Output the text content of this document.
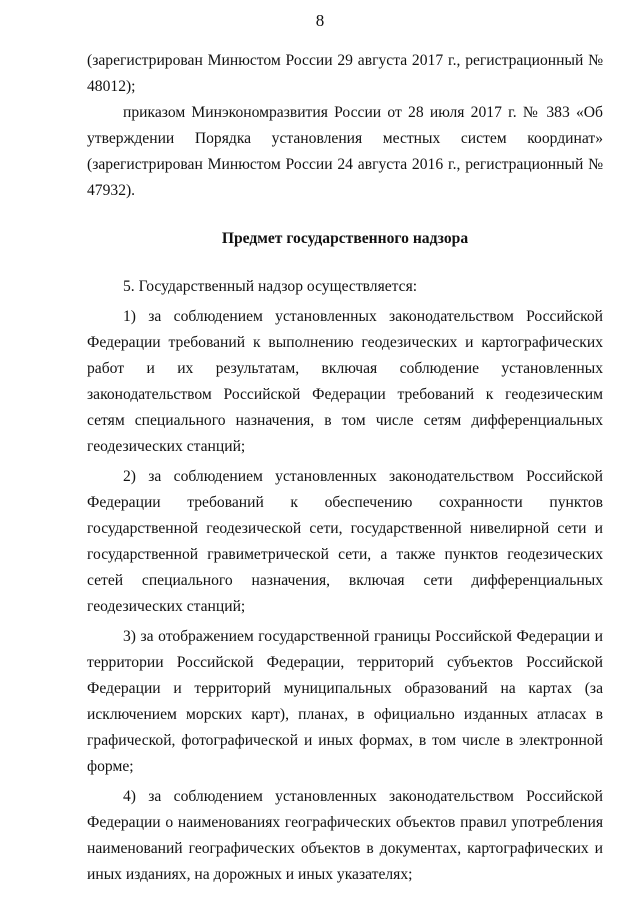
8

(зарегистрирован Минюстом России 29 августа 2017 г., регистрационный № 48012);

приказом Минэкономразвития России от 28 июля 2017 г. № 383 «Об утверждении Порядка установления местных систем координат» (зарегистрирован Минюстом России 24 августа 2016 г., регистрационный № 47932).

Предмет государственного надзора

5. Государственный надзор осуществляется:

1) за соблюдением установленных законодательством Российской Федерации требований к выполнению геодезических и картографических работ и их результатам, включая соблюдение установленных законодательством Российской Федерации требований к геодезическим сетям специального назначения, в том числе сетям дифференциальных геодезических станций;

2) за соблюдением установленных законодательством Российской Федерации требований к обеспечению сохранности пунктов государственной геодезической сети, государственной нивелирной сети и государственной гравиметрической сети, а также пунктов геодезических сетей специального назначения, включая сети дифференциальных геодезических станций;

3) за отображением государственной границы Российской Федерации и территории Российской Федерации, территорий субъектов Российской Федерации и территорий муниципальных образований на картах (за исключением морских карт), планах, в официально изданных атласах в графической, фотографической и иных формах, в том числе в электронной форме;

4) за соблюдением установленных законодательством Российской Федерации о наименованиях географических объектов правил употребления наименований географических объектов в документах, картографических и иных изданиях, на дорожных и иных указателях;
